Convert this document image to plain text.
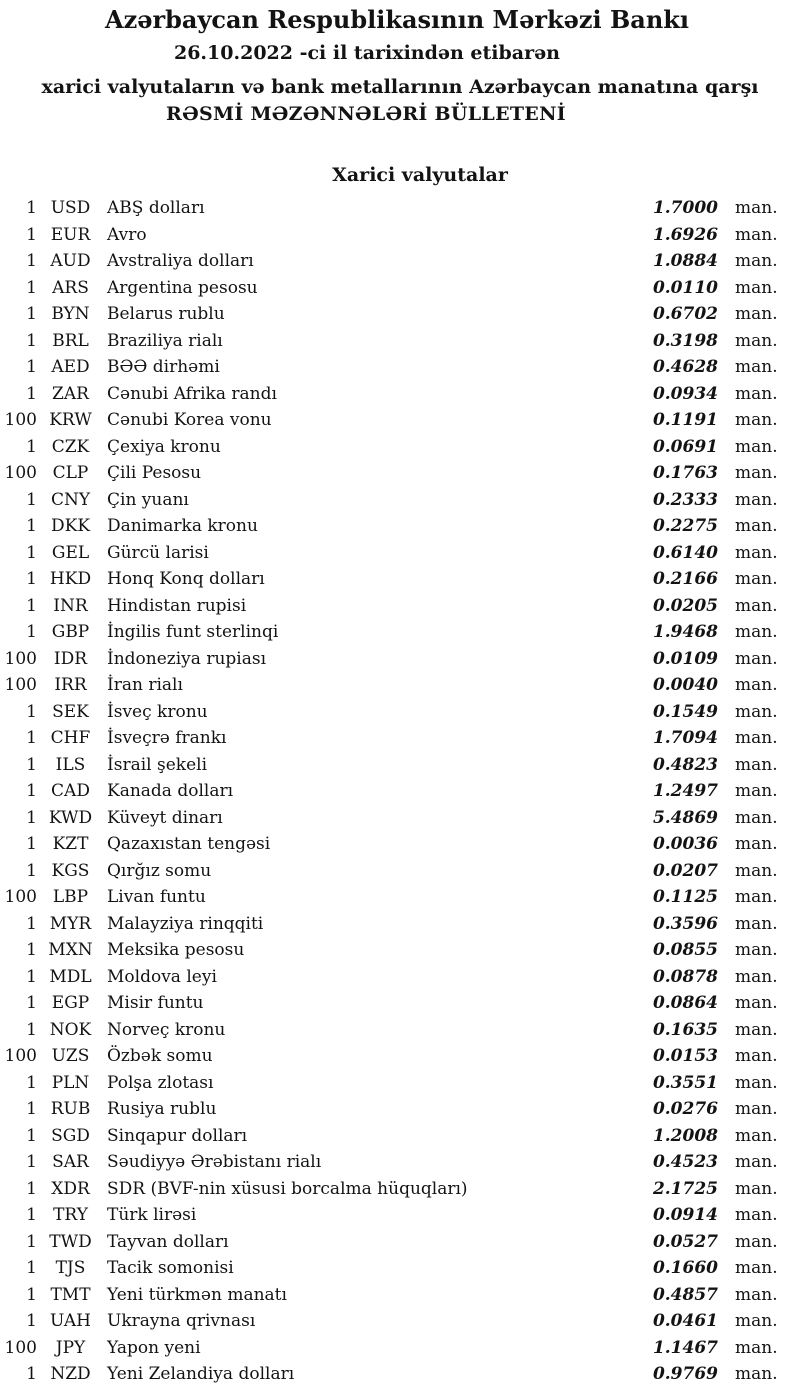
Azərbaycan Respublikasının Mərkəzi Bankı
26.10.2022 -ci il tarixindən etibarən
xarici valyutaların və bank metallarının Azərbaycan manatına qarşı
RƏSMİ MƏZƏNNƏLƏRİ BÜLLETENİ
Xarici valyutalar
1 USD ABŞ dolları	1.7000	man.
1 EUR Avro	1.6926	man.
1 AUD Avstraliya dolları	1.0884	man.
1 ARS	Argentina pesosu	0.0110	man.
1 BYN	Belarus rublu	0.6702	man.
1 BRL	Braziliya rialı	0.3198	man.
1 AED	BƏƏ dirhəmi	0.4628	man.
1 ZAR	Cənubi Afrika randı	0.0934	man.
100 KRW Cənubi Korea vonu	0.1191	man.
1 CZK	Çexiya kronu	0.0691	man.
100 CLP	Çili Pesosu	0.1763	man.
1 CNY Çin yuanı	0.2333	man.
1 DKK Danimarka kronu	0.2275	man.
1 GEL	Gürcü larisi	0.6140	man.
1 HKD Honq Konq dolları	0.2166	man.
1 INR	Hindistan rupisi	0.0205	man.
1 GBP	İngilis funt sterlinqi	1.9468	man.
100 IDR	İndoneziya rupiası	0.0109	man.
100	IRR	İran rialı	0.0040	man.
1 SEK	İsveç kronu	0.1549	man.
1 CHF İsveçrə frankı	1.7094	man.
1	ILS	İsrail şekeli	0.4823	man.
1 CAD	Kanada dolları	1.2497	man.
1 KWD Küveyt dinarı	5.4869	man.
1 KZT	Qazaxıstan tengəsi	0.0036	man.
1 KGS	Qırğız somu	0.0207	man.
100 LBP	Livan funtu	0.1125	man.
1 MYR Malayziya rinqqiti	0.3596	man.
1 MXN Meksika pesosu	0.0855	man.
1 MDL Moldova leyi	0.0878	man.
1 EGP	Misir funtu	0.0864	man.
1 NOK Norveç kronu	0.1635	man.
100 UZS	Özbək somu	0.0153	man.
1 PLN	Polşa zlotası	0.3551	man.
1 RUB Rusiya rublu	0.0276	man.
1 SGD	Sinqapur dolları	1.2008	man.
1 SAR	Səudiyyə Ərəbistanı rialı	0.4523	man.
1 XDR	SDR (BVF-nin xüsusi borcalma hüquqları)	2.1725	man.
1 TRY	Türk lirəsi	0.0914	man.
1 TWD Tayvan dolları	0.0527	man.
1	TJS	Tacik somonisi	0.1660	man.
1 TMT Yeni türkmən manatı	0.4857	man.
1 UAH Ukrayna qrivnası	0.0461	man.
100	JPY	Yapon yeni	1.1467	man.
1 NZD Yeni Zelandiya dolları	0.9769	man.
